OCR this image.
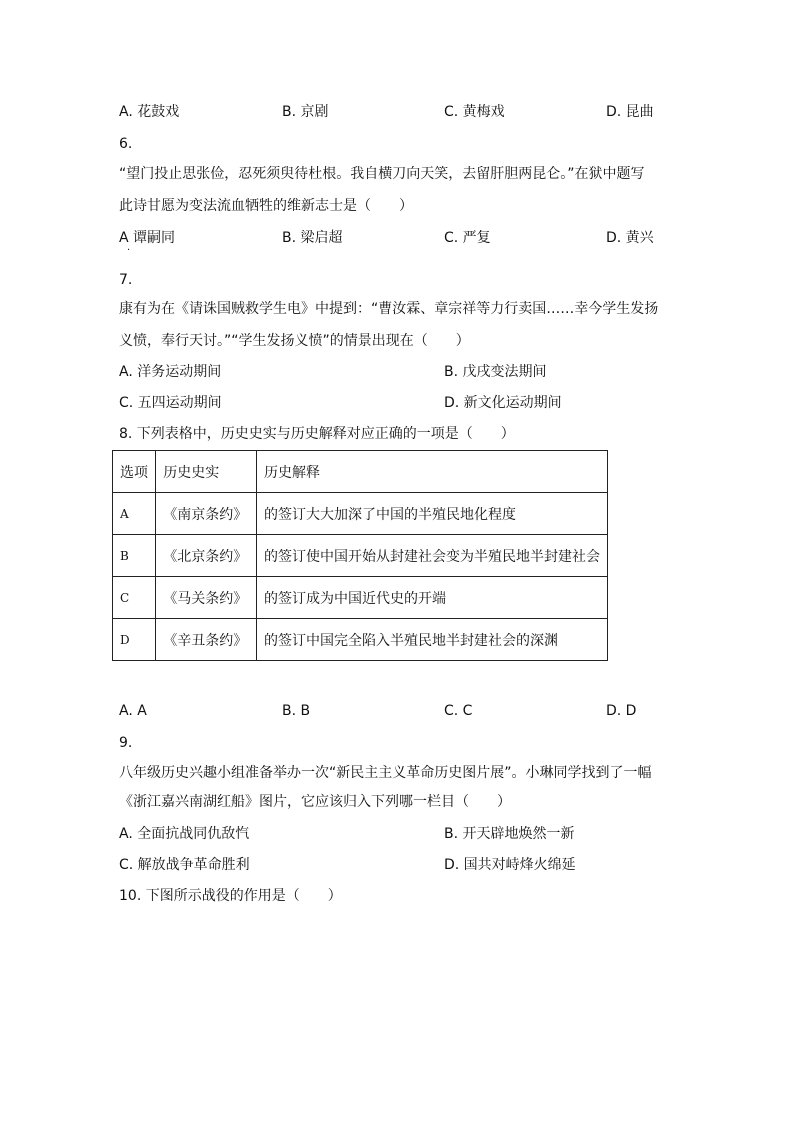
A. 花鼓戏	B. 京剧	C. 黄梅戏	D. 昆曲
6.
“望门投止思张俭，忍死须臾待杜根。我自横刀向天笑，去留肝胆两昆仑。”在狱中题写
此诗甘愿为变法流血牺牲的维新志士是（　　）
A 谭嗣同
·
B. 梁启超	C. 严复	D. 黄兴
7.
康有为在《请诛国贼救学生电》中提到：“曹汝霖、章宗祥等力行卖国……幸今学生发扬
义愤，奉行天讨。”“学生发扬义愤”的情景出现在（　　）
A. 洋务运动期间	B. 戊戌变法期间
C. 五四运动期间	D. 新文化运动期间
8. 下列表格中，历史史实与历史解释对应正确的一项是（　　）
选项	历史史实	历史解释
A	《南京条约》	的签订大大加深了中国的半殖民地化程度
B	《北京条约》	的签订使中国开始从封建社会变为半殖民地半封建社会
C	《马关条约》	的签订成为中国近代史的开端
D	《辛丑条约》	的签订中国完全陷入半殖民地半封建社会的深渊
A. A	B. B	C. C	D. D
9.
八年级历史兴趣小组准备举办一次“新民主主义革命历史图片展”。小琳同学找到了一幅
《浙江嘉兴南湖红船》图片，它应该归入下列哪一栏目（　　）
A. 全面抗战同仇敌忾	B. 开天辟地焕然一新
C. 解放战争革命胜利	D. 国共对峙烽火绵延
10. 下图所示战役的作用是（　　）
